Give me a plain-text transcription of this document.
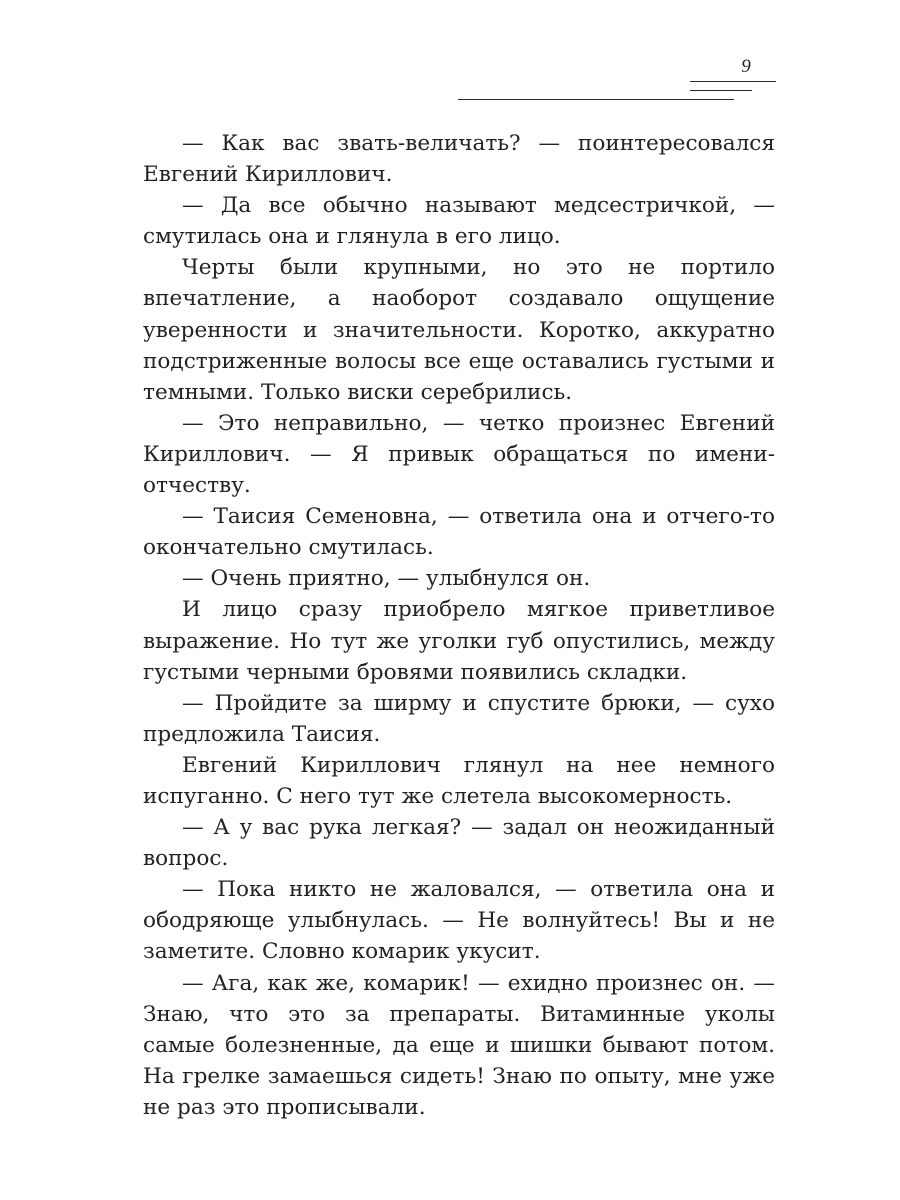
9

— Как вас звать-величать? — поинтересовался Евгений Кириллович.

— Да все обычно называют медсестричкой, — смутилась она и глянула в его лицо.

Черты были крупными, но это не портило впечатление, а наоборот создавало ощущение уверенности и значительности. Коротко, аккуратно подстриженные волосы все еще оставались густыми и темными. Только виски серебрились.

— Это неправильно, — четко произнес Евгений Кириллович. — Я привык обращаться по имени-отчеству.

— Таисия Семеновна, — ответила она и отчего-то окончательно смутилась.

— Очень приятно, — улыбнулся он.

И лицо сразу приобрело мягкое приветливое выражение. Но тут же уголки губ опустились, между густыми черными бровями появились складки.

— Пройдите за ширму и спустите брюки, — сухо предложила Таисия.

Евгений Кириллович глянул на нее немного испуганно. С него тут же слетела высокомерность.

— А у вас рука легкая? — задал он неожиданный вопрос.

— Пока никто не жаловался, — ответила она и ободряюще улыбнулась. — Не волнуйтесь! Вы и не заметите. Словно комарик укусит.

— Ага, как же, комарик! — ехидно произнес он. — Знаю, что это за препараты. Витаминные уколы самые болезненные, да еще и шишки бывают потом. На грелке замаешься сидеть! Знаю по опыту, мне уже не раз это прописывали.
